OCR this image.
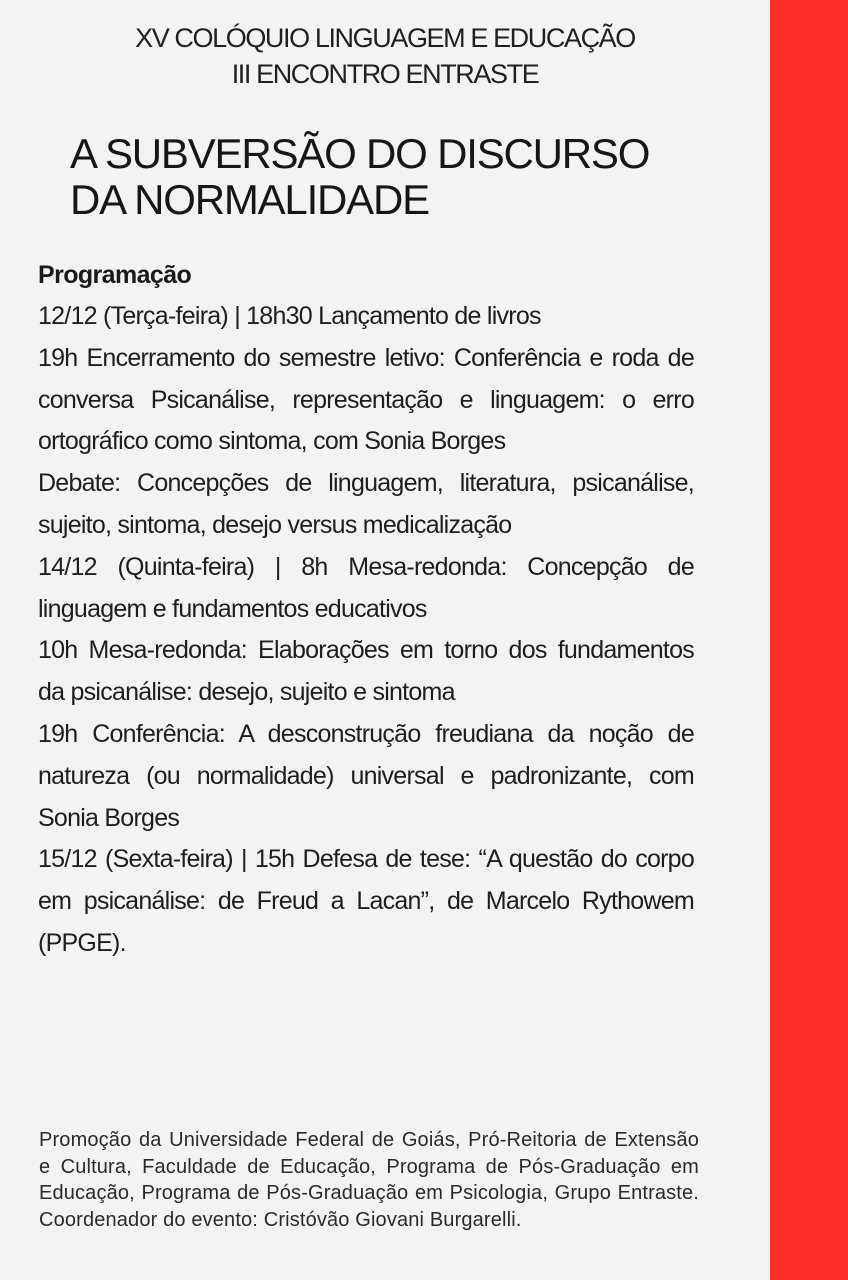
XV COLÓQUIO LINGUAGEM E EDUCAÇÃO
III ENCONTRO ENTRASTE
A SUBVERSÃO DO DISCURSO
DA NORMALIDADE

Programação

12/12 (Terça-feira) | 18h30 Lançamento de livros
19h Encerramento do semestre letivo: Conferência e roda de conversa Psicanálise, representação e linguagem: o erro ortográfico como sintoma, com Sonia Borges
Debate: Concepções de linguagem, literatura, psicanálise, sujeito, sintoma, desejo versus medicalização
14/12 (Quinta-feira) | 8h Mesa-redonda: Concepção de linguagem e fundamentos educativos
10h Mesa-redonda: Elaborações em torno dos fundamentos da psicanálise: desejo, sujeito e sintoma
19h Conferência: A desconstrução freudiana da noção de natureza (ou normalidade) universal e padronizante, com Sonia Borges
15/12 (Sexta-feira) | 15h Defesa de tese: “A questão do corpo em psicanálise: de Freud a Lacan”, de Marcelo Rythowem (PPGE).

Promoção da Universidade Federal de Goiás, Pró-Reitoria de Extensão e Cultura, Faculdade de Educação, Programa de Pós-Graduação em Educação, Programa de Pós-Graduação em Psicologia, Grupo Entraste. Coordenador do evento: Cristóvão Giovani Burgarelli.
